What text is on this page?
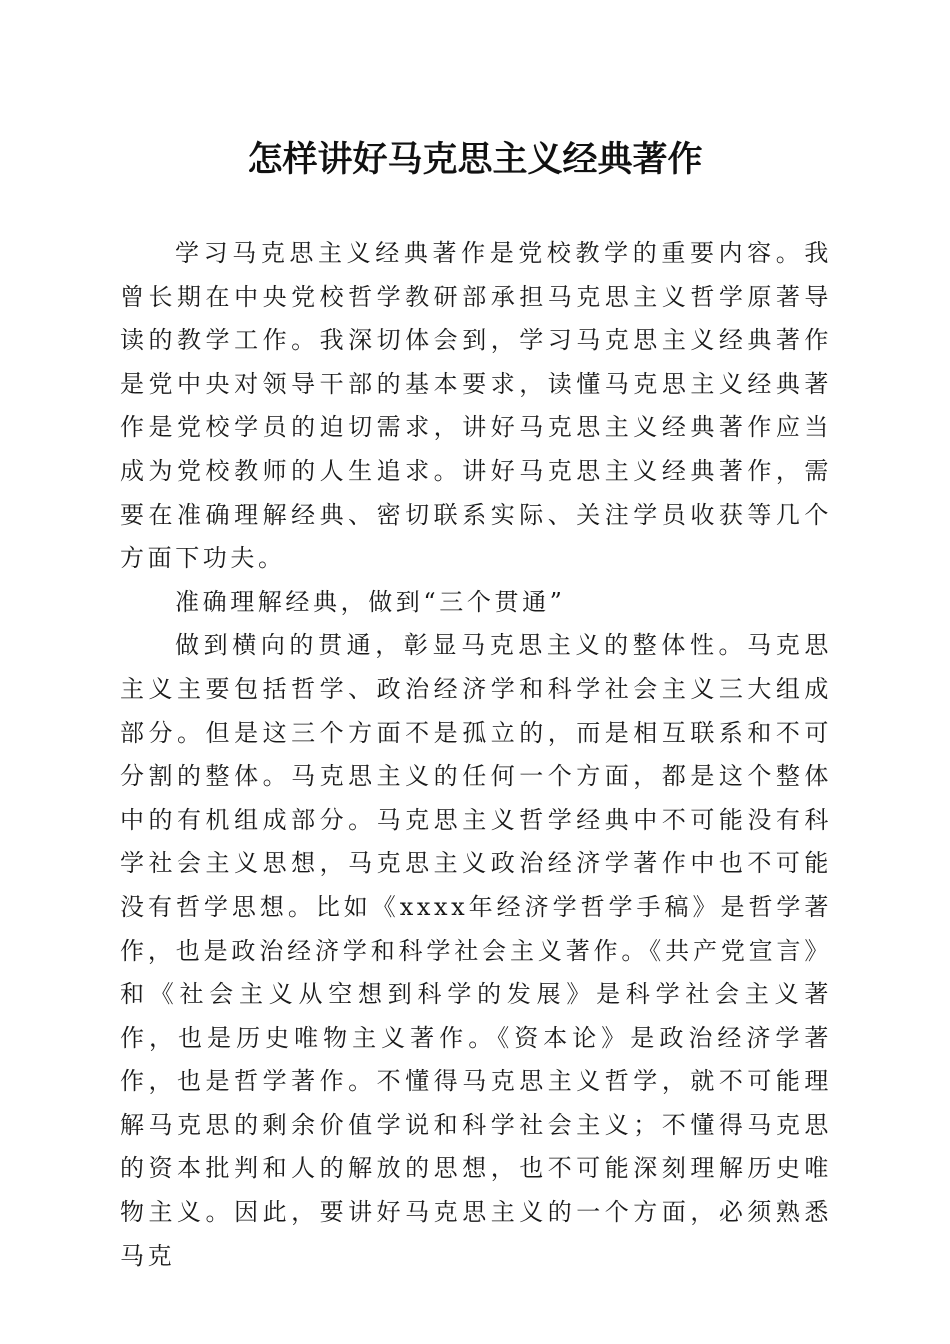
怎样讲好马克思主义经典著作

学习马克思主义经典著作是党校教学的重要内容。我曾长期在中央党校哲学教研部承担马克思主义哲学原著导读的教学工作。我深切体会到，学习马克思主义经典著作是党中央对领导干部的基本要求，读懂马克思主义经典著作是党校学员的迫切需求，讲好马克思主义经典著作应当成为党校教师的人生追求。讲好马克思主义经典著作，需要在准确理解经典、密切联系实际、关注学员收获等几个方面下功夫。

准确理解经典，做到“三个贯通”

做到横向的贯通，彰显马克思主义的整体性。马克思主义主要包括哲学、政治经济学和科学社会主义三大组成部分。但是这三个方面不是孤立的，而是相互联系和不可分割的整体。马克思主义的任何一个方面，都是这个整体中的有机组成部分。马克思主义哲学经典中不可能没有科学社会主义思想，马克思主义政治经济学著作中也不可能没有哲学思想。比如《xxxx年经济学哲学手稿》是哲学著作，也是政治经济学和科学社会主义著作。《共产党宣言》和《社会主义从空想到科学的发展》是科学社会主义著作，也是历史唯物主义著作。《资本论》是政治经济学著作，也是哲学著作。不懂得马克思主义哲学，就不可能理解马克思的剩余价值学说和科学社会主义；不懂得马克思的资本批判和人的解放的思想，也不可能深刻理解历史唯物主义。因此，要讲好马克思主义的一个方面，必须熟悉马克
